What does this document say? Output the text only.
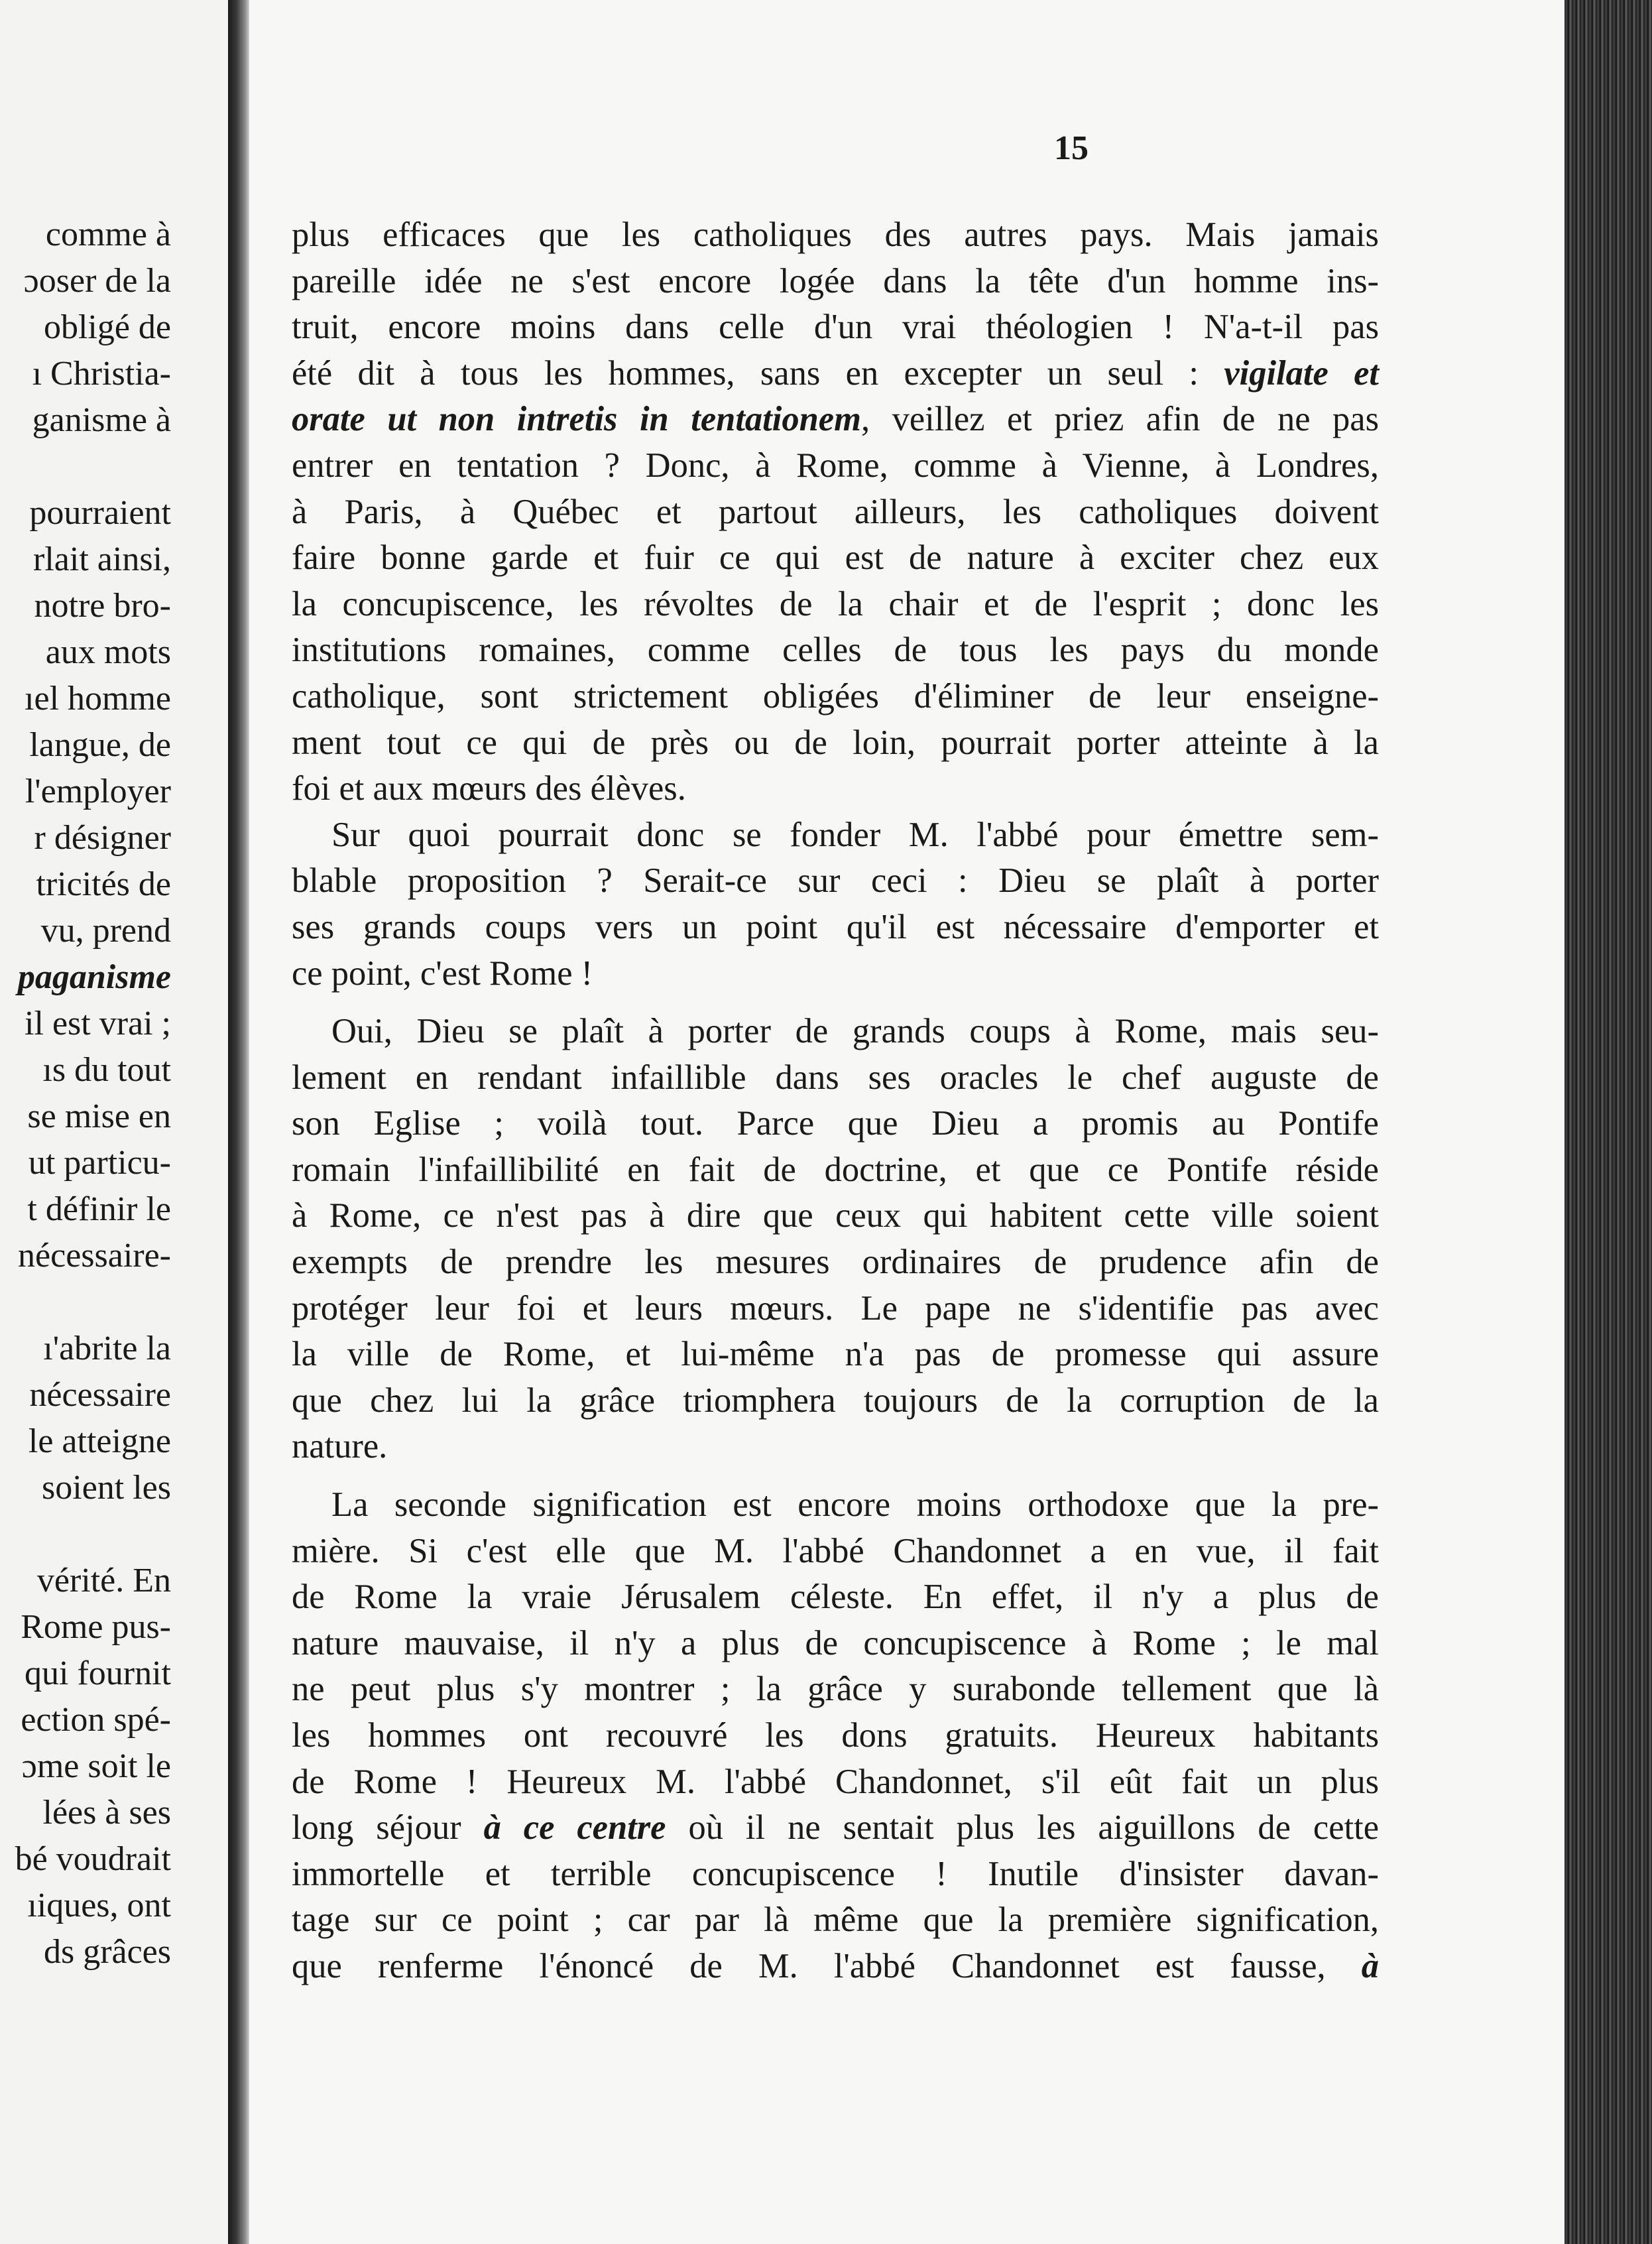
comme à
ɔoser de la
obligé de
ı Christia-
ganisme à
pourraient
rlait ainsi,
notre bro-
aux mots
ıel homme
langue, de
l'employer
r désigner
tricités de
vu, prend
paganisme
il est vrai ;
ıs du tout
se mise en
ut particu-
t définir le
nécessaire-
ı'abrite la
nécessaire
le atteigne
soient les
vérité. En
Rome pus-
qui fournit
ection spé-
ɔme soit le
lées à ses
bé voudrait
ıiques, ont
ds grâces
15

plus efficaces que les catholiques des autres pays. Mais jamais

pareille idée ne s'est encore logée dans la tête d'un homme ins-

truit, encore moins dans celle d'un vrai théologien ! N'a-t-il pas

été dit à tous les hommes, sans en excepter un seul : vigilate et

orate ut non intretis in tentationem, veillez et priez afin de ne pas

entrer en tentation ? Donc, à Rome, comme à Vienne, à Londres,

à Paris, à Québec et partout ailleurs, les catholiques doivent

faire bonne garde et fuir ce qui est de nature à exciter chez eux

la concupiscence, les révoltes de la chair et de l'esprit ; donc les

institutions romaines, comme celles de tous les pays du monde

catholique, sont strictement obligées d'éliminer de leur enseigne-

ment tout ce qui de près ou de loin, pourrait porter atteinte à la

foi et aux mœurs des élèves.

Sur quoi pourrait donc se fonder M. l'abbé pour émettre sem-

blable proposition ? Serait-ce sur ceci : Dieu se plaît à porter

ses grands coups vers un point qu'il est nécessaire d'emporter et

ce point, c'est Rome !

Oui, Dieu se plaît à porter de grands coups à Rome, mais seu-

lement en rendant infaillible dans ses oracles le chef auguste de

son Eglise ; voilà tout. Parce que Dieu a promis au Pontife

romain l'infaillibilité en fait de doctrine, et que ce Pontife réside

à Rome, ce n'est pas à dire que ceux qui habitent cette ville soient

exempts de prendre les mesures ordinaires de prudence afin de

protéger leur foi et leurs mœurs. Le pape ne s'identifie pas avec

la ville de Rome, et lui-même n'a pas de promesse qui assure

que chez lui la grâce triomphera toujours de la corruption de la

nature.

La seconde signification est encore moins orthodoxe que la pre-

mière. Si c'est elle que M. l'abbé Chandonnet a en vue, il fait

de Rome la vraie Jérusalem céleste. En effet, il n'y a plus de

nature mauvaise, il n'y a plus de concupiscence à Rome ; le mal

ne peut plus s'y montrer ; la grâce y surabonde tellement que là

les hommes ont recouvré les dons gratuits. Heureux habitants

de Rome ! Heureux M. l'abbé Chandonnet, s'il eût fait un plus

long séjour à ce centre où il ne sentait plus les aiguillons de cette

immortelle et terrible concupiscence ! Inutile d'insister davan-

tage sur ce point ; car par là même que la première signification,

que renferme l'énoncé de M. l'abbé Chandonnet est fausse, à
